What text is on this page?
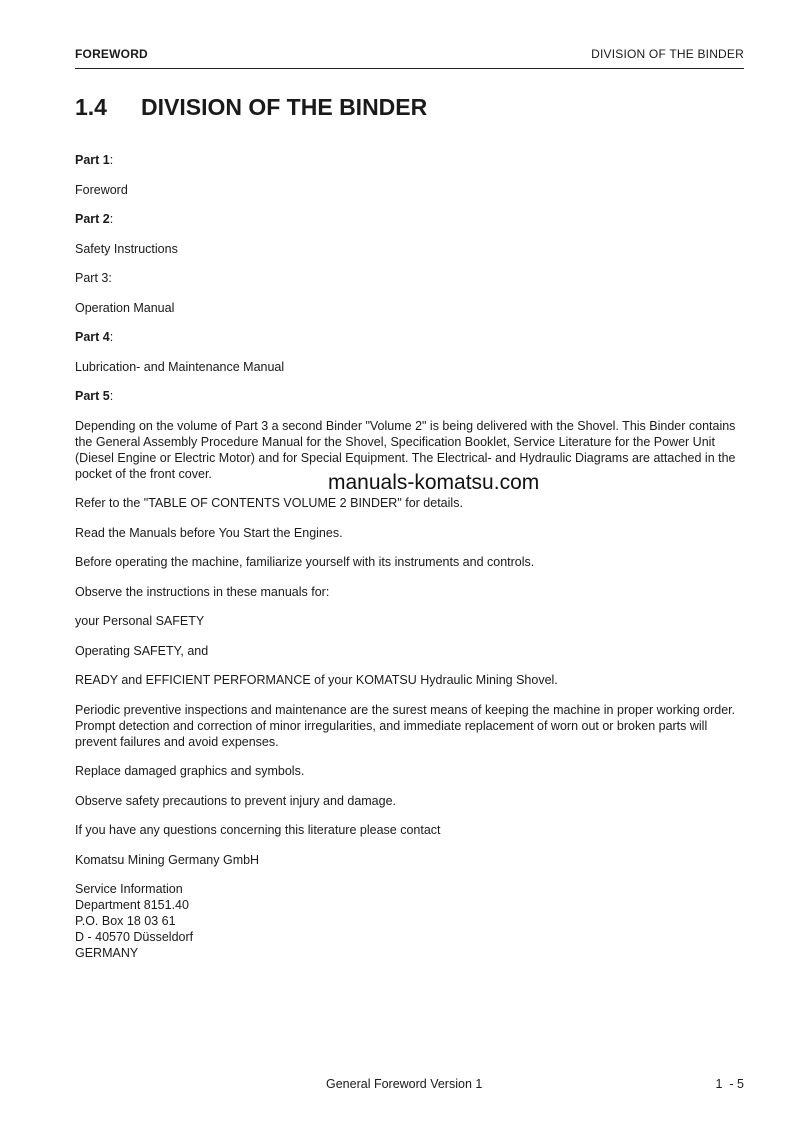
FOREWORD	DIVISION OF THE BINDER
1.4 DIVISION OF THE BINDER

Part 1:

Foreword

Part 2:

Safety Instructions

Part 3:

Operation Manual

Part 4:

Lubrication- and Maintenance Manual

Part 5:

Depending on the volume of Part 3 a second Binder "Volume 2" is being delivered with the Shovel. This Binder contains the General Assembly Procedure Manual for the Shovel, Specification Booklet, Service Literature for the Power Unit (Diesel Engine or Electric Motor) and for Special Equipment. The Electrical- and Hydraulic Diagrams are attached in the pocket of the front cover.

Refer to the "TABLE OF CONTENTS VOLUME 2 BINDER" for details.

Read the Manuals before You Start the Engines.

Before operating the machine, familiarize yourself with its instruments and controls.

Observe the instructions in these manuals for:

your Personal SAFETY

Operating SAFETY, and

READY and EFFICIENT PERFORMANCE of your KOMATSU Hydraulic Mining Shovel.

Periodic preventive inspections and maintenance are the surest means of keeping the machine in proper working order. Prompt detection and correction of minor irregularities, and immediate replacement of worn out or broken parts will prevent failures and avoid expenses.

Replace damaged graphics and symbols.

Observe safety precautions to prevent injury and damage.

If you have any questions concerning this literature please contact

Komatsu Mining Germany GmbH

Service Information
Department 8151.40
P.O. Box 18 03 61
D - 40570 Düsseldorf
GERMANY

manuals-komatsu.com
General Foreword Version 1	1  - 5
